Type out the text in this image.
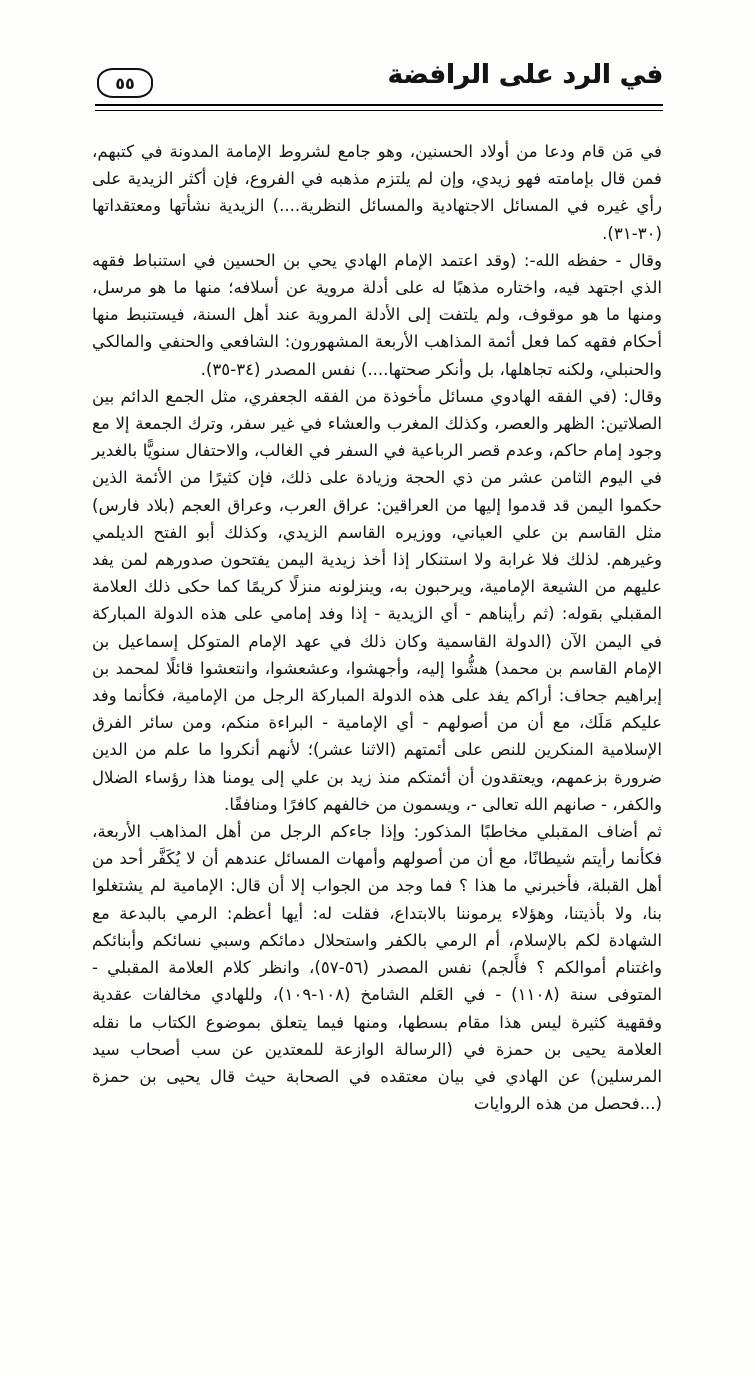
٥٥	في الرد على الرافضة

في مَن قام ودعا من أولاد الحسنين، وهو جامع لشروط الإمامة المدونة في كتبهم، فمن قال بإمامته فهو زيدي، وإن لم يلتزم مذهبه في الفروع، فإن أكثر الزيدية على رأي غيره في المسائل الاجتهادية والمسائل النظرية....) الزيدية نشأتها ومعتقداتها (٣٠-٣١).

وقال - حفظه الله-: (وقد اعتمد الإمام الهادي يحي بن الحسين في استنباط فقهه الذي اجتهد فيه، واختاره مذهبًا له على أدلة مروية عن أسلافه؛ منها ما هو مرسل، ومنها ما هو موقوف، ولم يلتفت إلى الأدلة المروية عند أهل السنة، فيستنبط منها أحكام فقهه كما فعل أئمة المذاهب الأربعة المشهورون: الشافعي والحنفي والمالكي والحنبلي، ولكنه تجاهلها، بل وأنكر صحتها....) نفس المصدر (٣٤-٣٥).

وقال: (في الفقه الهادوي مسائل مأخوذة من الفقه الجعفري، مثل الجمع الدائم بين الصلاتين: الظهر والعصر، وكذلك المغرب والعشاء في غير سفر، وترك الجمعة إلا مع وجود إمام حاكم، وعدم قصر الرباعية في السفر في الغالب، والاحتفال سنويًّا بالغدير في اليوم الثامن عشر من ذي الحجة وزيادة على ذلك، فإن كثيرًا من الأئمة الذين حكموا اليمن قد قدموا إليها من العراقين: عراق العرب، وعراق العجم (بلاد فارس) مثل القاسم بن علي العياني، ووزيره القاسم الزيدي، وكذلك أبو الفتح الديلمي وغيرهم. لذلك فلا غرابة ولا استنكار إذا أخذ زيدية اليمن يفتحون صدورهم لمن يفد عليهم من الشيعة الإمامية، ويرحبون به، وينزلونه منزلًا كريمًا كما حكى ذلك العلامة المقبلي بقوله: (ثم رأيناهم - أي الزيدية - إذا وفد إمامي على هذه الدولة المباركة في اليمن الآن (الدولة القاسمية وكان ذلك في عهد الإمام المتوكل إسماعيل بن الإمام القاسم بن محمد) هشُّوا إليه، وأجهشوا، وعشعشوا، وانتعشوا قائلًا لمحمد بن إبراهيم جحاف: أراكم يفد على هذه الدولة المباركة الرجل من الإمامية، فكأنما وفد عليكم مَلَك، مع أن من أصولهم - أي الإمامية - البراءة منكم، ومن سائر الفرق الإسلامية المنكرين للنص على أئمتهم (الاثنا عشر)؛ لأنهم أنكروا ما علم من الدين ضرورة بزعمهم، ويعتقدون أن أئمتكم منذ زيد بن علي إلى يومنا هذا رؤساء الضلال والكفر، - صانهم الله تعالى -، ويسمون من خالفهم كافرًا ومنافقًا.

ثم أضاف المقبلي مخاطبًا المذكور: وإذا جاءكم الرجل من أهل المذاهب الأربعة، فكأنما رأيتم شيطانًا، مع أن من أصولهم وأمهات المسائل عندهم أن لا يُكَفَّر أحد من أهل القبلة، فأخبرني ما هذا ؟ فما وجد من الجواب إلا أن قال: الإمامية لم يشتغلوا بنا، ولا بأذيتنا، وهؤلاء يرموننا بالابتداع، فقلت له: أيها أعظم: الرمي بالبدعة مع الشهادة لكم بالإسلام، أم الرمي بالكفر واستحلال دمائكم وسبي نسائكم وأبنائكم واغتنام أموالكم ؟ فأَلجم) نفس المصدر (٥٦-٥٧)، وانظر كلام العلامة المقبلي - المتوفى سنة (١١٠٨) - في العَلم الشامخ (١٠٨-١٠٩)، وللهادي مخالفات عقدية وفقهية كثيرة ليس هذا مقام بسطها، ومنها فيما يتعلق بموضوع الكتاب ما نقله العلامة يحيى بن حمزة في (الرسالة الوازعة للمعتدين عن سب أصحاب سيد المرسلين) عن الهادي في بيان معتقده في الصحابة حيث قال يحيى بن حمزة (...فحصل من هذه الروايات
